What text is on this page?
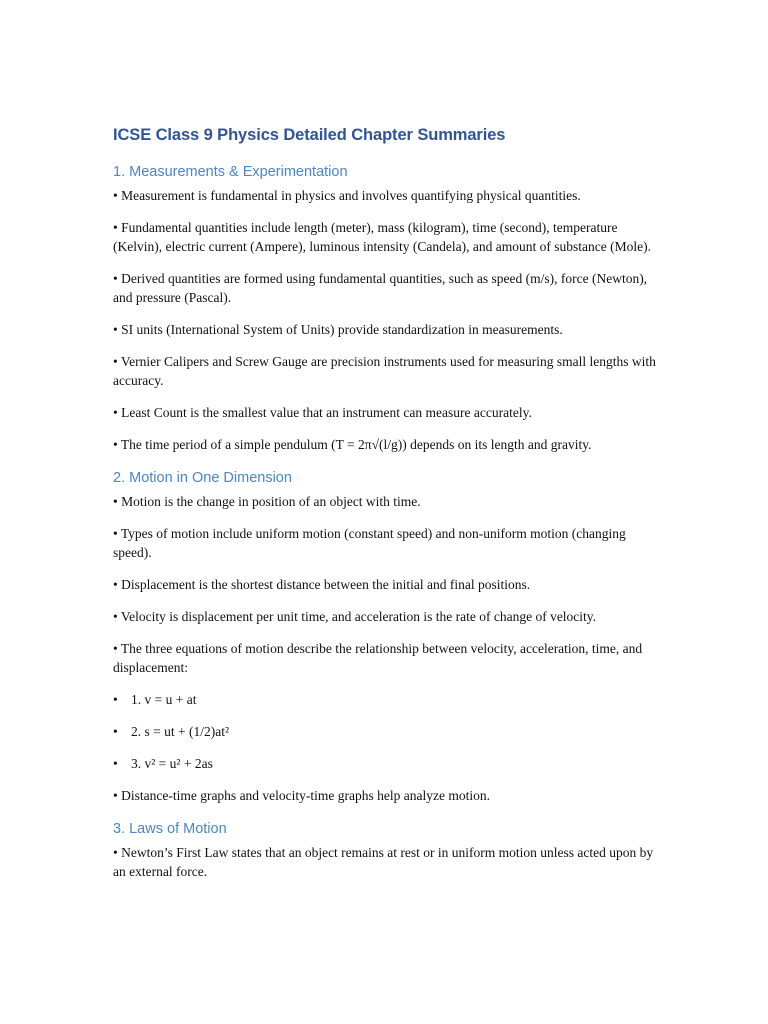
ICSE Class 9 Physics Detailed Chapter Summaries
1. Measurements & Experimentation

• Measurement is fundamental in physics and involves quantifying physical quantities.

• Fundamental quantities include length (meter), mass (kilogram), time (second), temperature (Kelvin), electric current (Ampere), luminous intensity (Candela), and amount of substance (Mole).

• Derived quantities are formed using fundamental quantities, such as speed (m/s), force (Newton), and pressure (Pascal).

• SI units (International System of Units) provide standardization in measurements.

• Vernier Calipers and Screw Gauge are precision instruments used for measuring small lengths with accuracy.

• Least Count is the smallest value that an instrument can measure accurately.

• The time period of a simple pendulum (T = 2π√(l/g)) depends on its length and gravity.

2. Motion in One Dimension

• Motion is the change in position of an object with time.

• Types of motion include uniform motion (constant speed) and non-uniform motion (changing speed).

• Displacement is the shortest distance between the initial and final positions.

• Velocity is displacement per unit time, and acceleration is the rate of change of velocity.

• The three equations of motion describe the relationship between velocity, acceleration, time, and displacement:

• 1. v = u + at
• 2. s = ut + (1/2)at²
• 3. v² = u² + 2as

• Distance-time graphs and velocity-time graphs help analyze motion.

3. Laws of Motion

• Newton’s First Law states that an object remains at rest or in uniform motion unless acted upon by an external force.
